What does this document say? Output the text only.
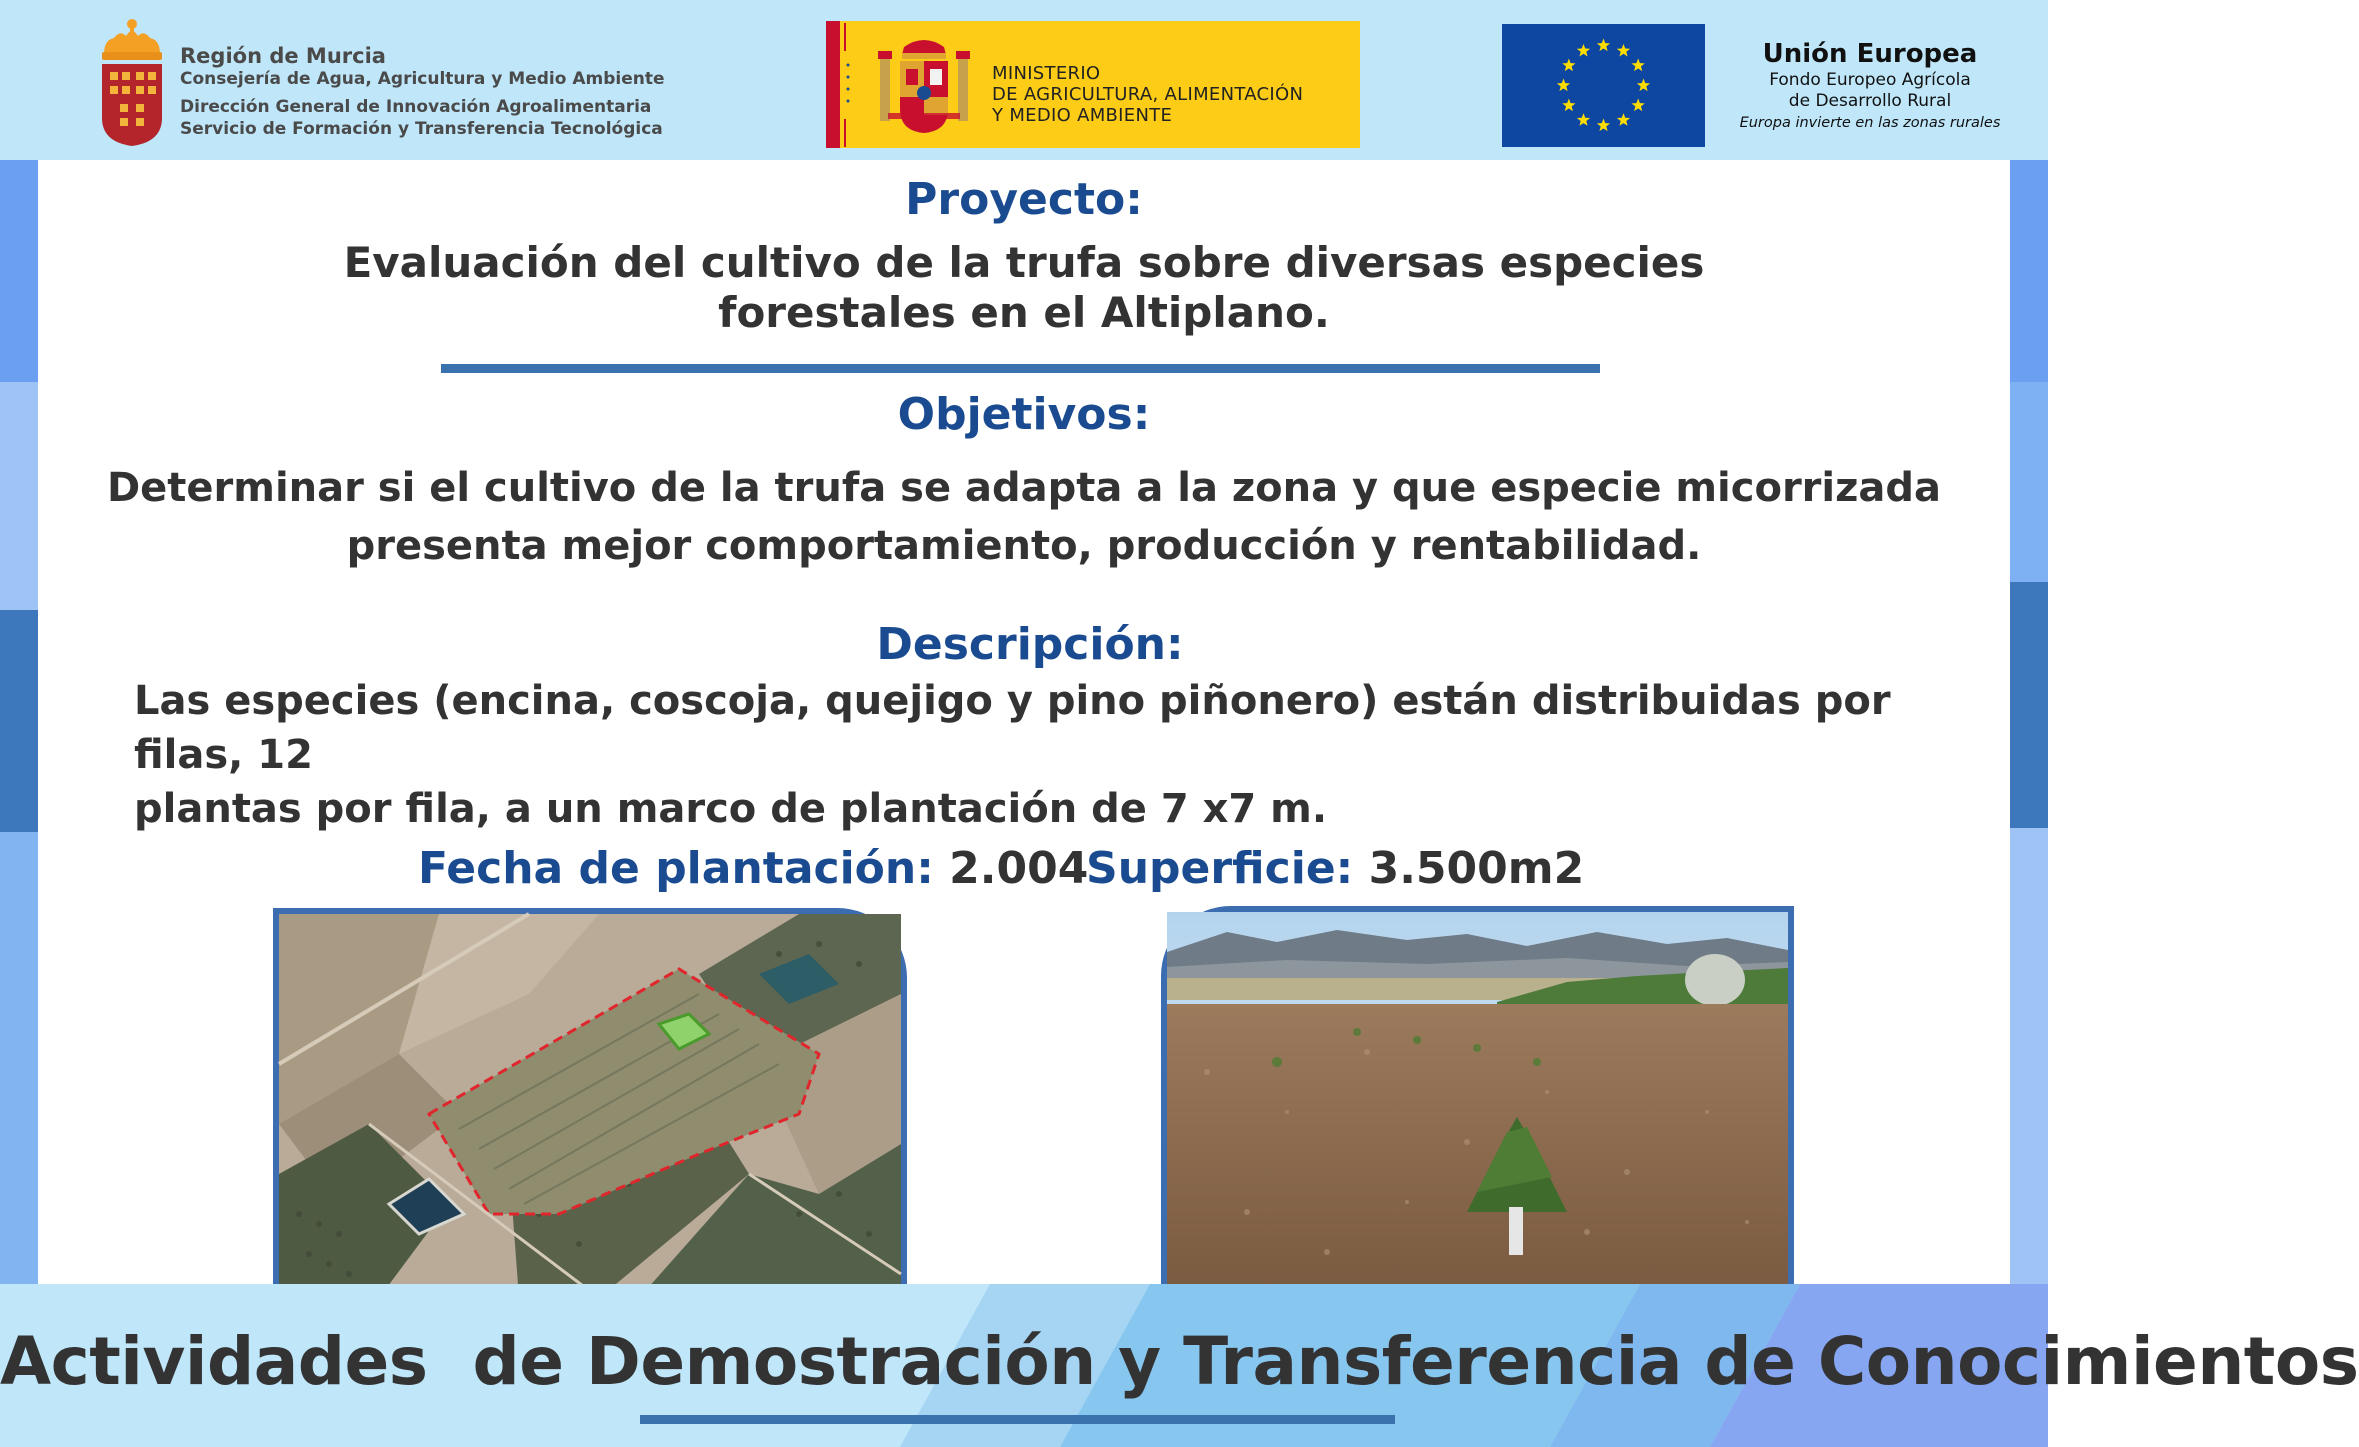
Región de Murcia
Consejería de Agua, Agricultura y Medio Ambiente
Dirección General de Innovación Agroalimentaria
Servicio de Formación y Transferencia Tecnológica
MINISTERIO
DE AGRICULTURA, ALIMENTACIÓN
Y MEDIO AMBIENTE
Unión Europea
Fondo Europeo Agrícola
de Desarrollo Rural
Europa invierte en las zonas rurales
Proyecto:
Evaluación del cultivo de la trufa sobre diversas especies
forestales en el Altiplano.
Objetivos:
Determinar si el cultivo de la trufa se adapta a la zona y que especie micorrizada
presenta mejor comportamiento, producción y rentabilidad.
Descripción:
Las especies (encina, coscoja, quejigo y pino piñonero) están distribuidas por filas, 12
plantas por fila, a un marco de plantación de 7 x7 m.
Fecha de plantación: 2.004
Superficie: 3.500m2
Actividades  de Demostración y Transferencia de Conocimientos
